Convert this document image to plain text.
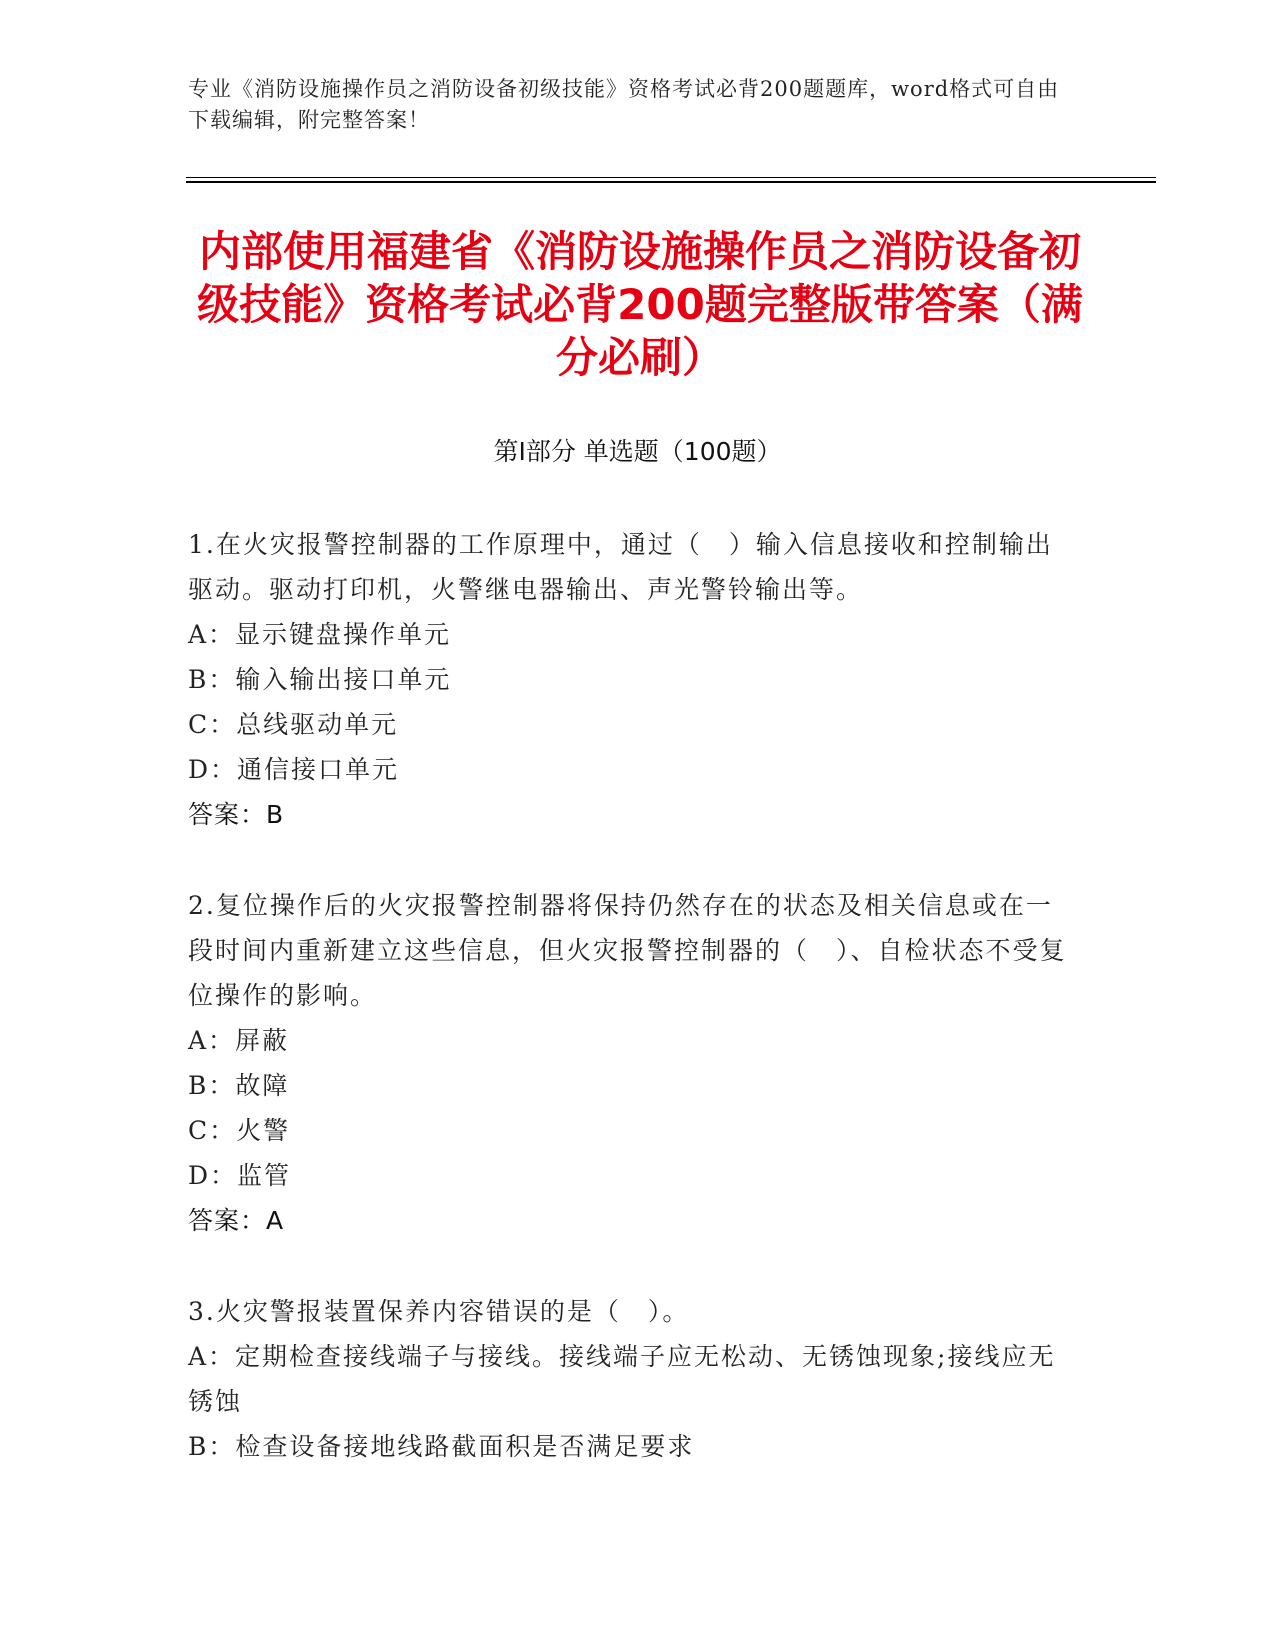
专业《消防设施操作员之消防设备初级技能》资格考试必背200题题库，word格式可自由下载编辑，附完整答案！
内部使用福建省《消防设施操作员之消防设备初级技能》资格考试必背200题完整版带答案（满分必刷）
第Ⅰ部分 单选题（100题）

1.在火灾报警控制器的工作原理中，通过（　）输入信息接收和控制输出驱动。驱动打印机，火警继电器输出、声光警铃输出等。

A：显示键盘操作单元

B：输入输出接口单元

C：总线驱动单元

D：通信接口单元

答案：B

2.复位操作后的火灾报警控制器将保持仍然存在的状态及相关信息或在一段时间内重新建立这些信息，但火灾报警控制器的（　）、自检状态不受复位操作的影响。

A：屏蔽

B：故障

C：火警

D：监管

答案：A

3.火灾警报装置保养内容错误的是（　）。

A：定期检查接线端子与接线。接线端子应无松动、无锈蚀现象;接线应无锈蚀

B：检查设备接地线路截面积是否满足要求
